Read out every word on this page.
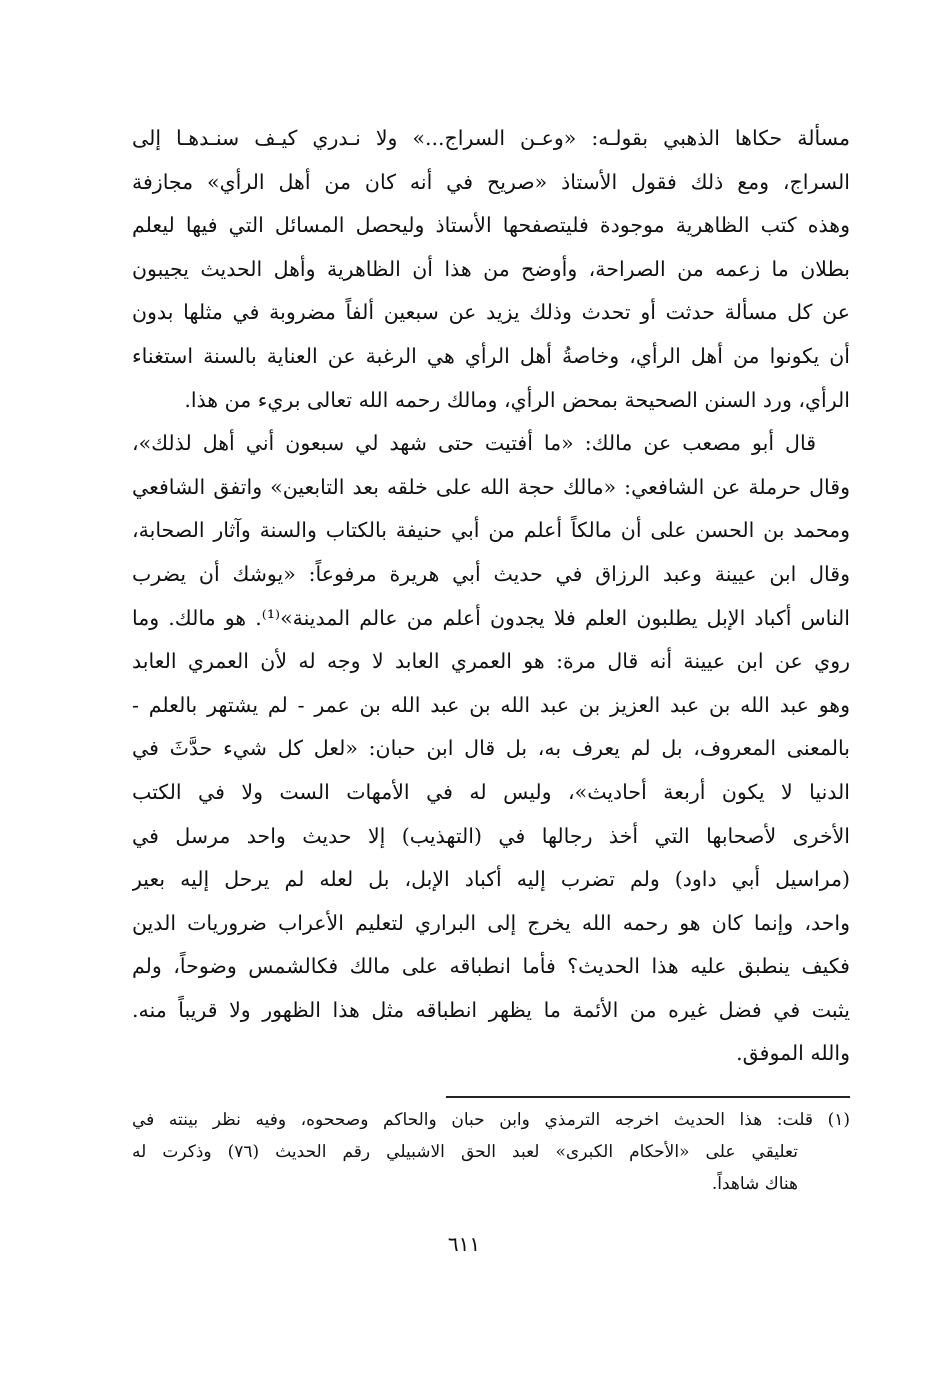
مسألة حكاها الذهبي بقولـه: «وعـن السراج...» ولا نـدري كيـف سنـدهـا إلى
السراج، ومع ذلك فقول الأستاذ «صريح في أنه كان من أهل الرأي» مجازفة
وهذه كتب الظاهرية موجودة فليتصفحها الأستاذ وليحصل المسائل التي فيها ليعلم
بطلان ما زعمه من الصراحة، وأوضح من هذا أن الظاهرية وأهل الحديث يجيبون
عن كل مسألة حدثت أو تحدث وذلك يزيد عن سبعين ألفاً مضروبة في مثلها بدون
أن يكونوا من أهل الرأي، وخاصةُ أهل الرأي هي الرغبة عن العناية بالسنة استغناء
الرأي، ورد السنن الصحيحة بمحض الرأي، ومالك رحمه الله تعالى بريء من هذا.
قال أبو مصعب عن مالك: «ما أفتيت حتى شهد لي سبعون أني أهل لذلك»،
وقال حرملة عن الشافعي: «مالك حجة الله على خلقه بعد التابعين» واتفق الشافعي
ومحمد بن الحسن على أن مالكاً أعلم من أبي حنيفة بالكتاب والسنة وآثار الصحابة،
وقال ابن عيينة وعبد الرزاق في حديث أبي هريرة مرفوعاً: «يوشك أن يضرب
الناس أكباد الإبل يطلبون العلم فلا يجدون أعلم من عالم المدينة»⁽¹⁾. هو مالك. وما
روي عن ابن عيينة أنه قال مرة: هو العمري العابد لا وجه له لأن العمري العابد
وهو عبد الله بن عبد العزيز بن عبد الله بن عبد الله بن عمر - لم يشتهر بالعلم -
بالمعنى المعروف، بل لم يعرف به، بل قال ابن حبان: «لعل كل شيء حدَّثَ في
الدنيا لا يكون أربعة أحاديث»، وليس له في الأمهات الست ولا في الكتب
الأخرى لأصحابها التي أخذ رجالها في (التهذيب) إلا حديث واحد مرسل في
(مراسيل أبي داود) ولم تضرب إليه أكباد الإبل، بل لعله لم يرحل إليه بعير
واحد، وإنما كان هو رحمه الله يخرج إلى البراري لتعليم الأعراب ضروريات الدين
فكيف ينطبق عليه هذا الحديث؟ فأما انطباقه على مالك فكالشمس وضوحاً، ولم
يثبت في فضل غيره من الأئمة ما يظهر انطباقه مثل هذا الظهور ولا قريباً منه.
والله الموفق.
(١) قلت: هذا الحديث اخرجه الترمذي وابن حبان والحاكم وصححوه، وفيه نظر بينته في
تعليقي على «الأحكام الكبرى» لعبد الحق الاشبيلي رقم الحديث (٧٦) وذكرت له
هناك شاهداً.
٦١١
